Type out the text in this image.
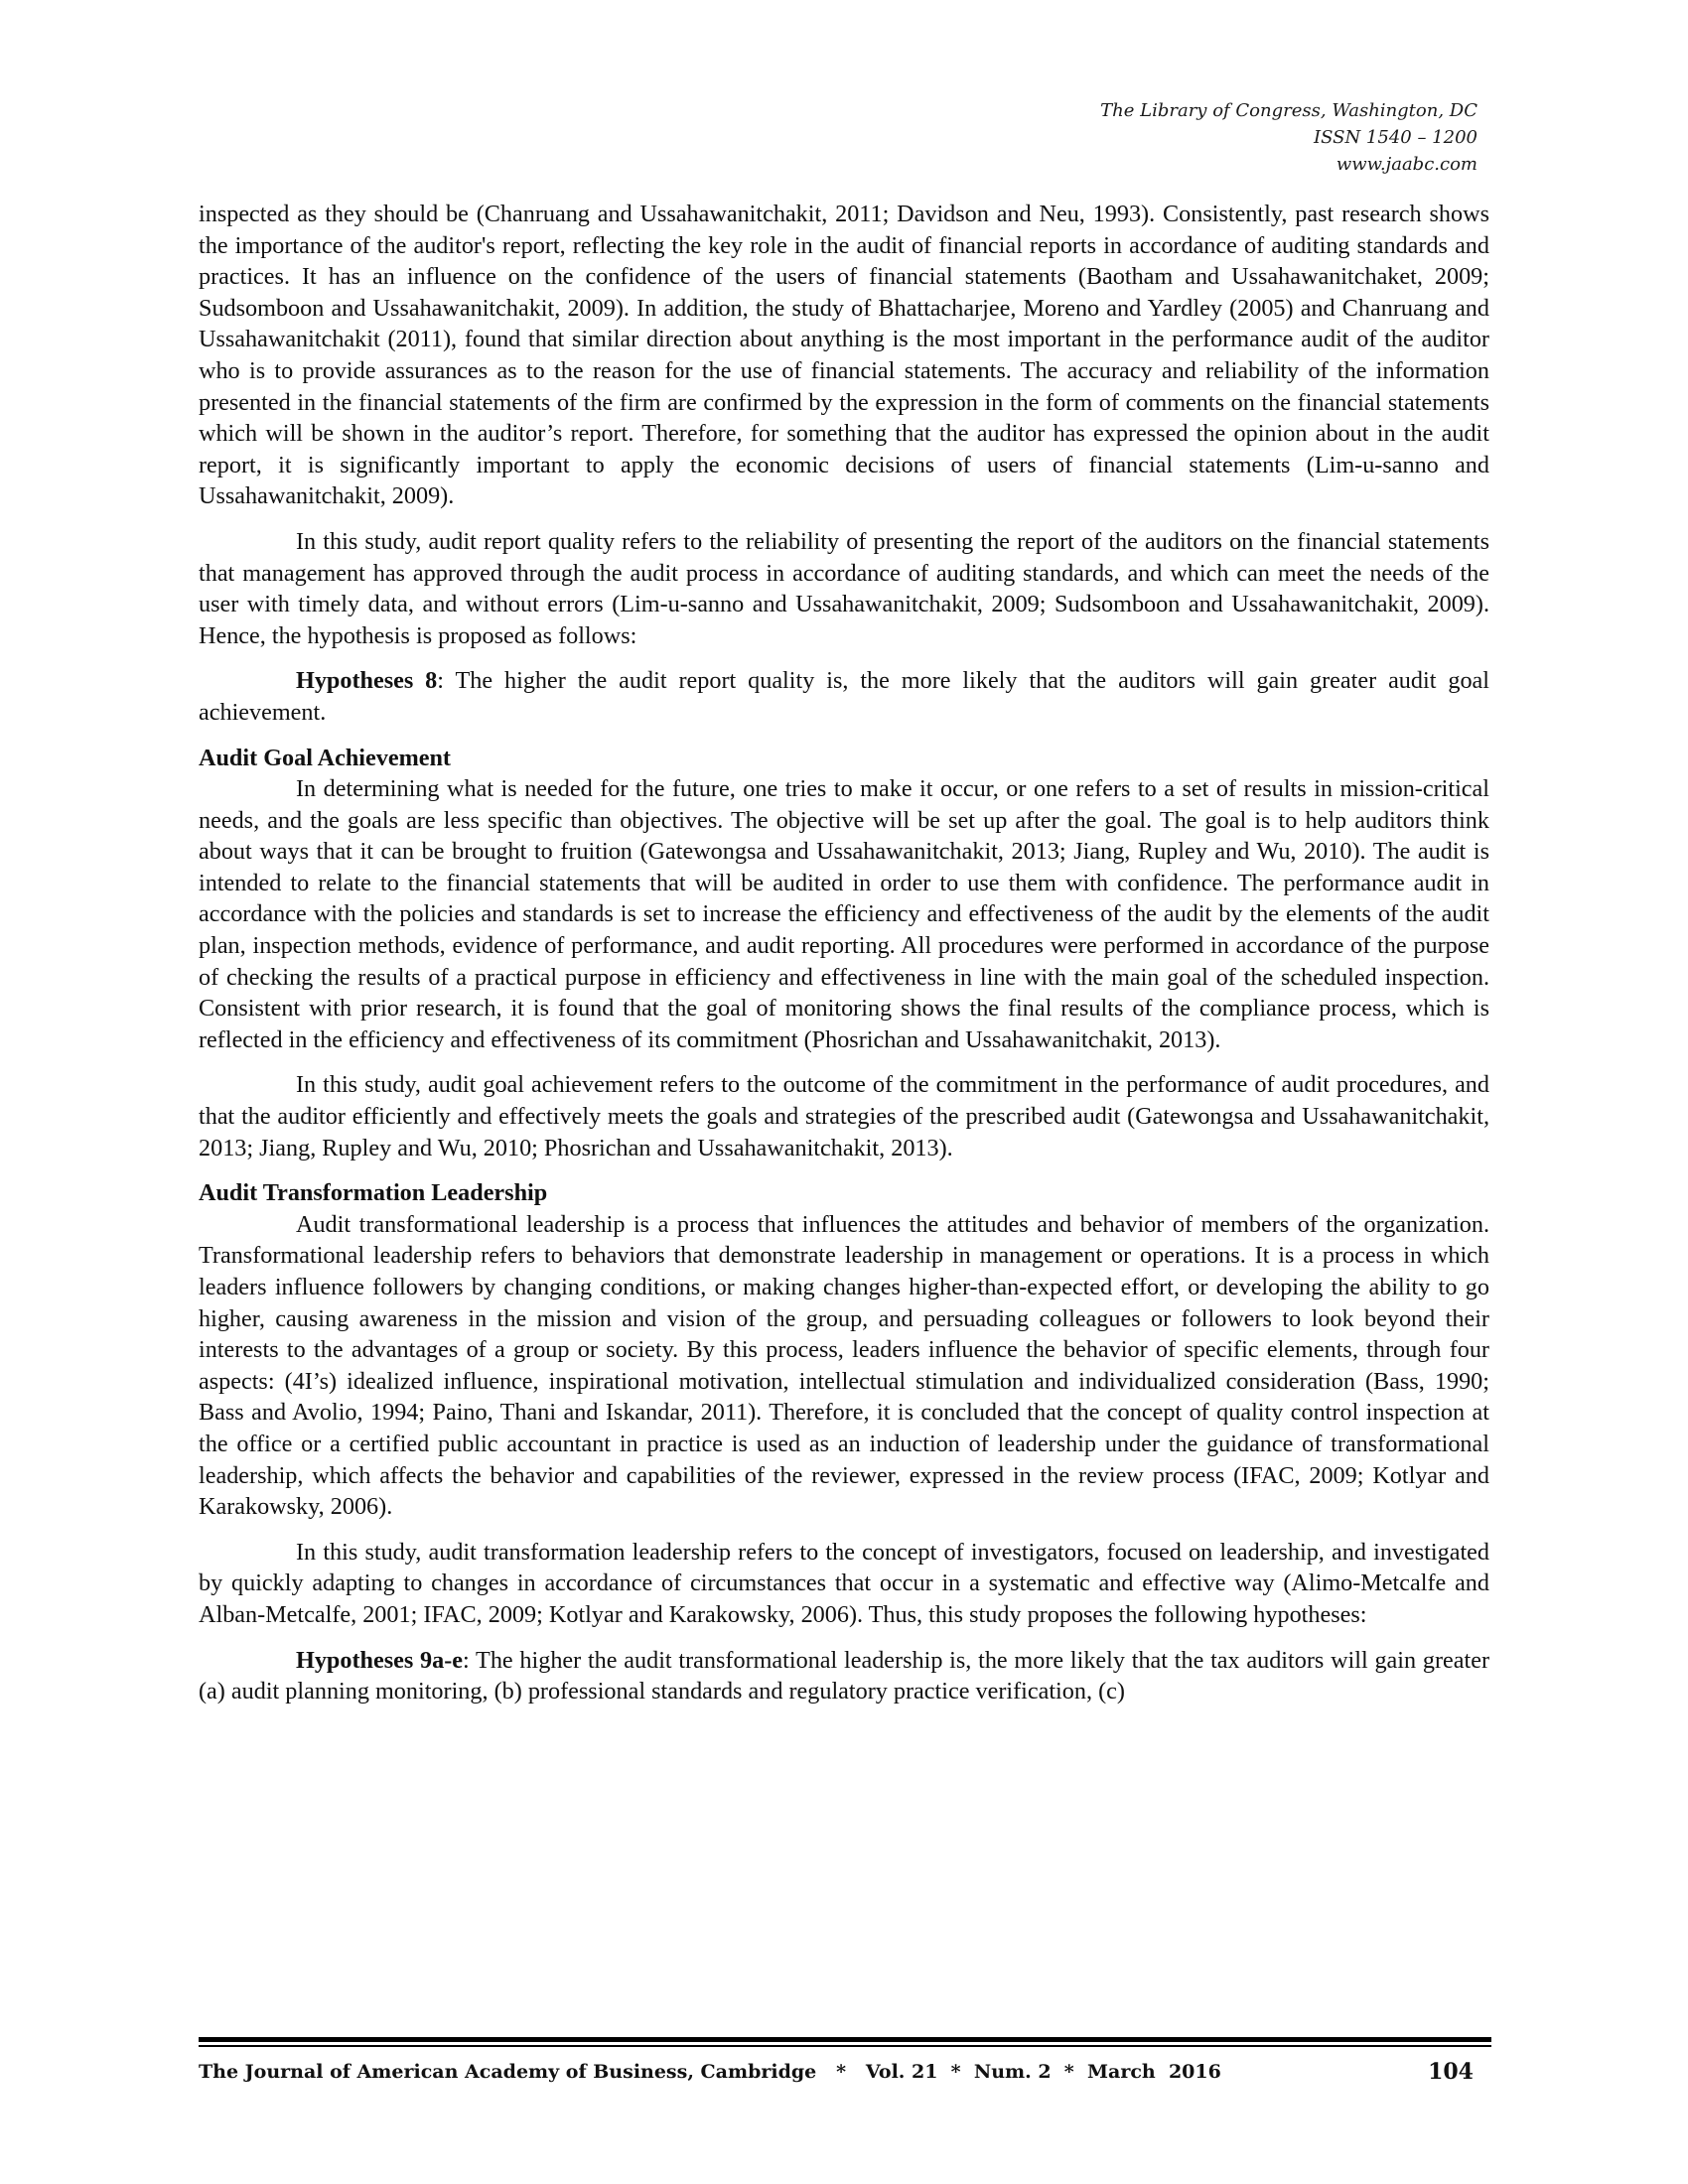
The Library of Congress, Washington, DC
ISSN 1540 – 1200
www.jaabc.com

inspected as they should be (Chanruang and Ussahawanitchakit, 2011; Davidson and Neu, 1993). Consistently, past research shows the importance of the auditor's report, reflecting the key role in the audit of financial reports in accordance of auditing standards and practices. It has an influence on the confidence of the users of financial statements (Baotham and Ussahawanitchaket, 2009; Sudsomboon and Ussahawanitchakit, 2009). In addition, the study of Bhattacharjee, Moreno and Yardley (2005) and Chanruang and Ussahawanitchakit (2011), found that similar direction about anything is the most important in the performance audit of the auditor who is to provide assurances as to the reason for the use of financial statements. The accuracy and reliability of the information presented in the financial statements of the firm are confirmed by the expression in the form of comments on the financial statements which will be shown in the auditor’s report. Therefore, for something that the auditor has expressed the opinion about in the audit report, it is significantly important to apply the economic decisions of users of financial statements (Lim-u-sanno and Ussahawanitchakit, 2009).

In this study, audit report quality refers to the reliability of presenting the report of the auditors on the financial statements that management has approved through the audit process in accordance of auditing standards, and which can meet the needs of the user with timely data, and without errors (Lim-u-sanno and Ussahawanitchakit, 2009; Sudsomboon and Ussahawanitchakit, 2009). Hence, the hypothesis is proposed as follows:

Hypotheses 8: The higher the audit report quality is, the more likely that the auditors will gain greater audit goal achievement.

Audit Goal Achievement

In determining what is needed for the future, one tries to make it occur, or one refers to a set of results in mission-critical needs, and the goals are less specific than objectives. The objective will be set up after the goal. The goal is to help auditors think about ways that it can be brought to fruition (Gatewongsa and Ussahawanitchakit, 2013; Jiang, Rupley and Wu, 2010). The audit is intended to relate to the financial statements that will be audited in order to use them with confidence. The performance audit in accordance with the policies and standards is set to increase the efficiency and effectiveness of the audit by the elements of the audit plan, inspection methods, evidence of performance, and audit reporting. All procedures were performed in accordance of the purpose of checking the results of a practical purpose in efficiency and effectiveness in line with the main goal of the scheduled inspection. Consistent with prior research, it is found that the goal of monitoring shows the final results of the compliance process, which is reflected in the efficiency and effectiveness of its commitment (Phosrichan and Ussahawanitchakit, 2013).

In this study, audit goal achievement refers to the outcome of the commitment in the performance of audit procedures, and that the auditor efficiently and effectively meets the goals and strategies of the prescribed audit (Gatewongsa and Ussahawanitchakit, 2013; Jiang, Rupley and Wu, 2010; Phosrichan and Ussahawanitchakit, 2013).

Audit Transformation Leadership

Audit transformational leadership is a process that influences the attitudes and behavior of members of the organization. Transformational leadership refers to behaviors that demonstrate leadership in management or operations. It is a process in which leaders influence followers by changing conditions, or making changes higher-than-expected effort, or developing the ability to go higher, causing awareness in the mission and vision of the group, and persuading colleagues or followers to look beyond their interests to the advantages of a group or society. By this process, leaders influence the behavior of specific elements, through four aspects: (4I’s) idealized influence, inspirational motivation, intellectual stimulation and individualized consideration (Bass, 1990; Bass and Avolio, 1994; Paino, Thani and Iskandar, 2011). Therefore, it is concluded that the concept of quality control inspection at the office or a certified public accountant in practice is used as an induction of leadership under the guidance of transformational leadership, which affects the behavior and capabilities of the reviewer, expressed in the review process (IFAC, 2009; Kotlyar and Karakowsky, 2006).

In this study, audit transformation leadership refers to the concept of investigators, focused on leadership, and investigated by quickly adapting to changes in accordance of circumstances that occur in a systematic and effective way (Alimo-Metcalfe and Alban-Metcalfe, 2001; IFAC, 2009; Kotlyar and Karakowsky, 2006). Thus, this study proposes the following hypotheses:

Hypotheses 9a-e: The higher the audit transformational leadership is, the more likely that the tax auditors will gain greater (a) audit planning monitoring, (b) professional standards and regulatory practice verification, (c)

The Journal of American Academy of Business, Cambridge   *   Vol. 21  *  Num. 2  *  March  2016	104
